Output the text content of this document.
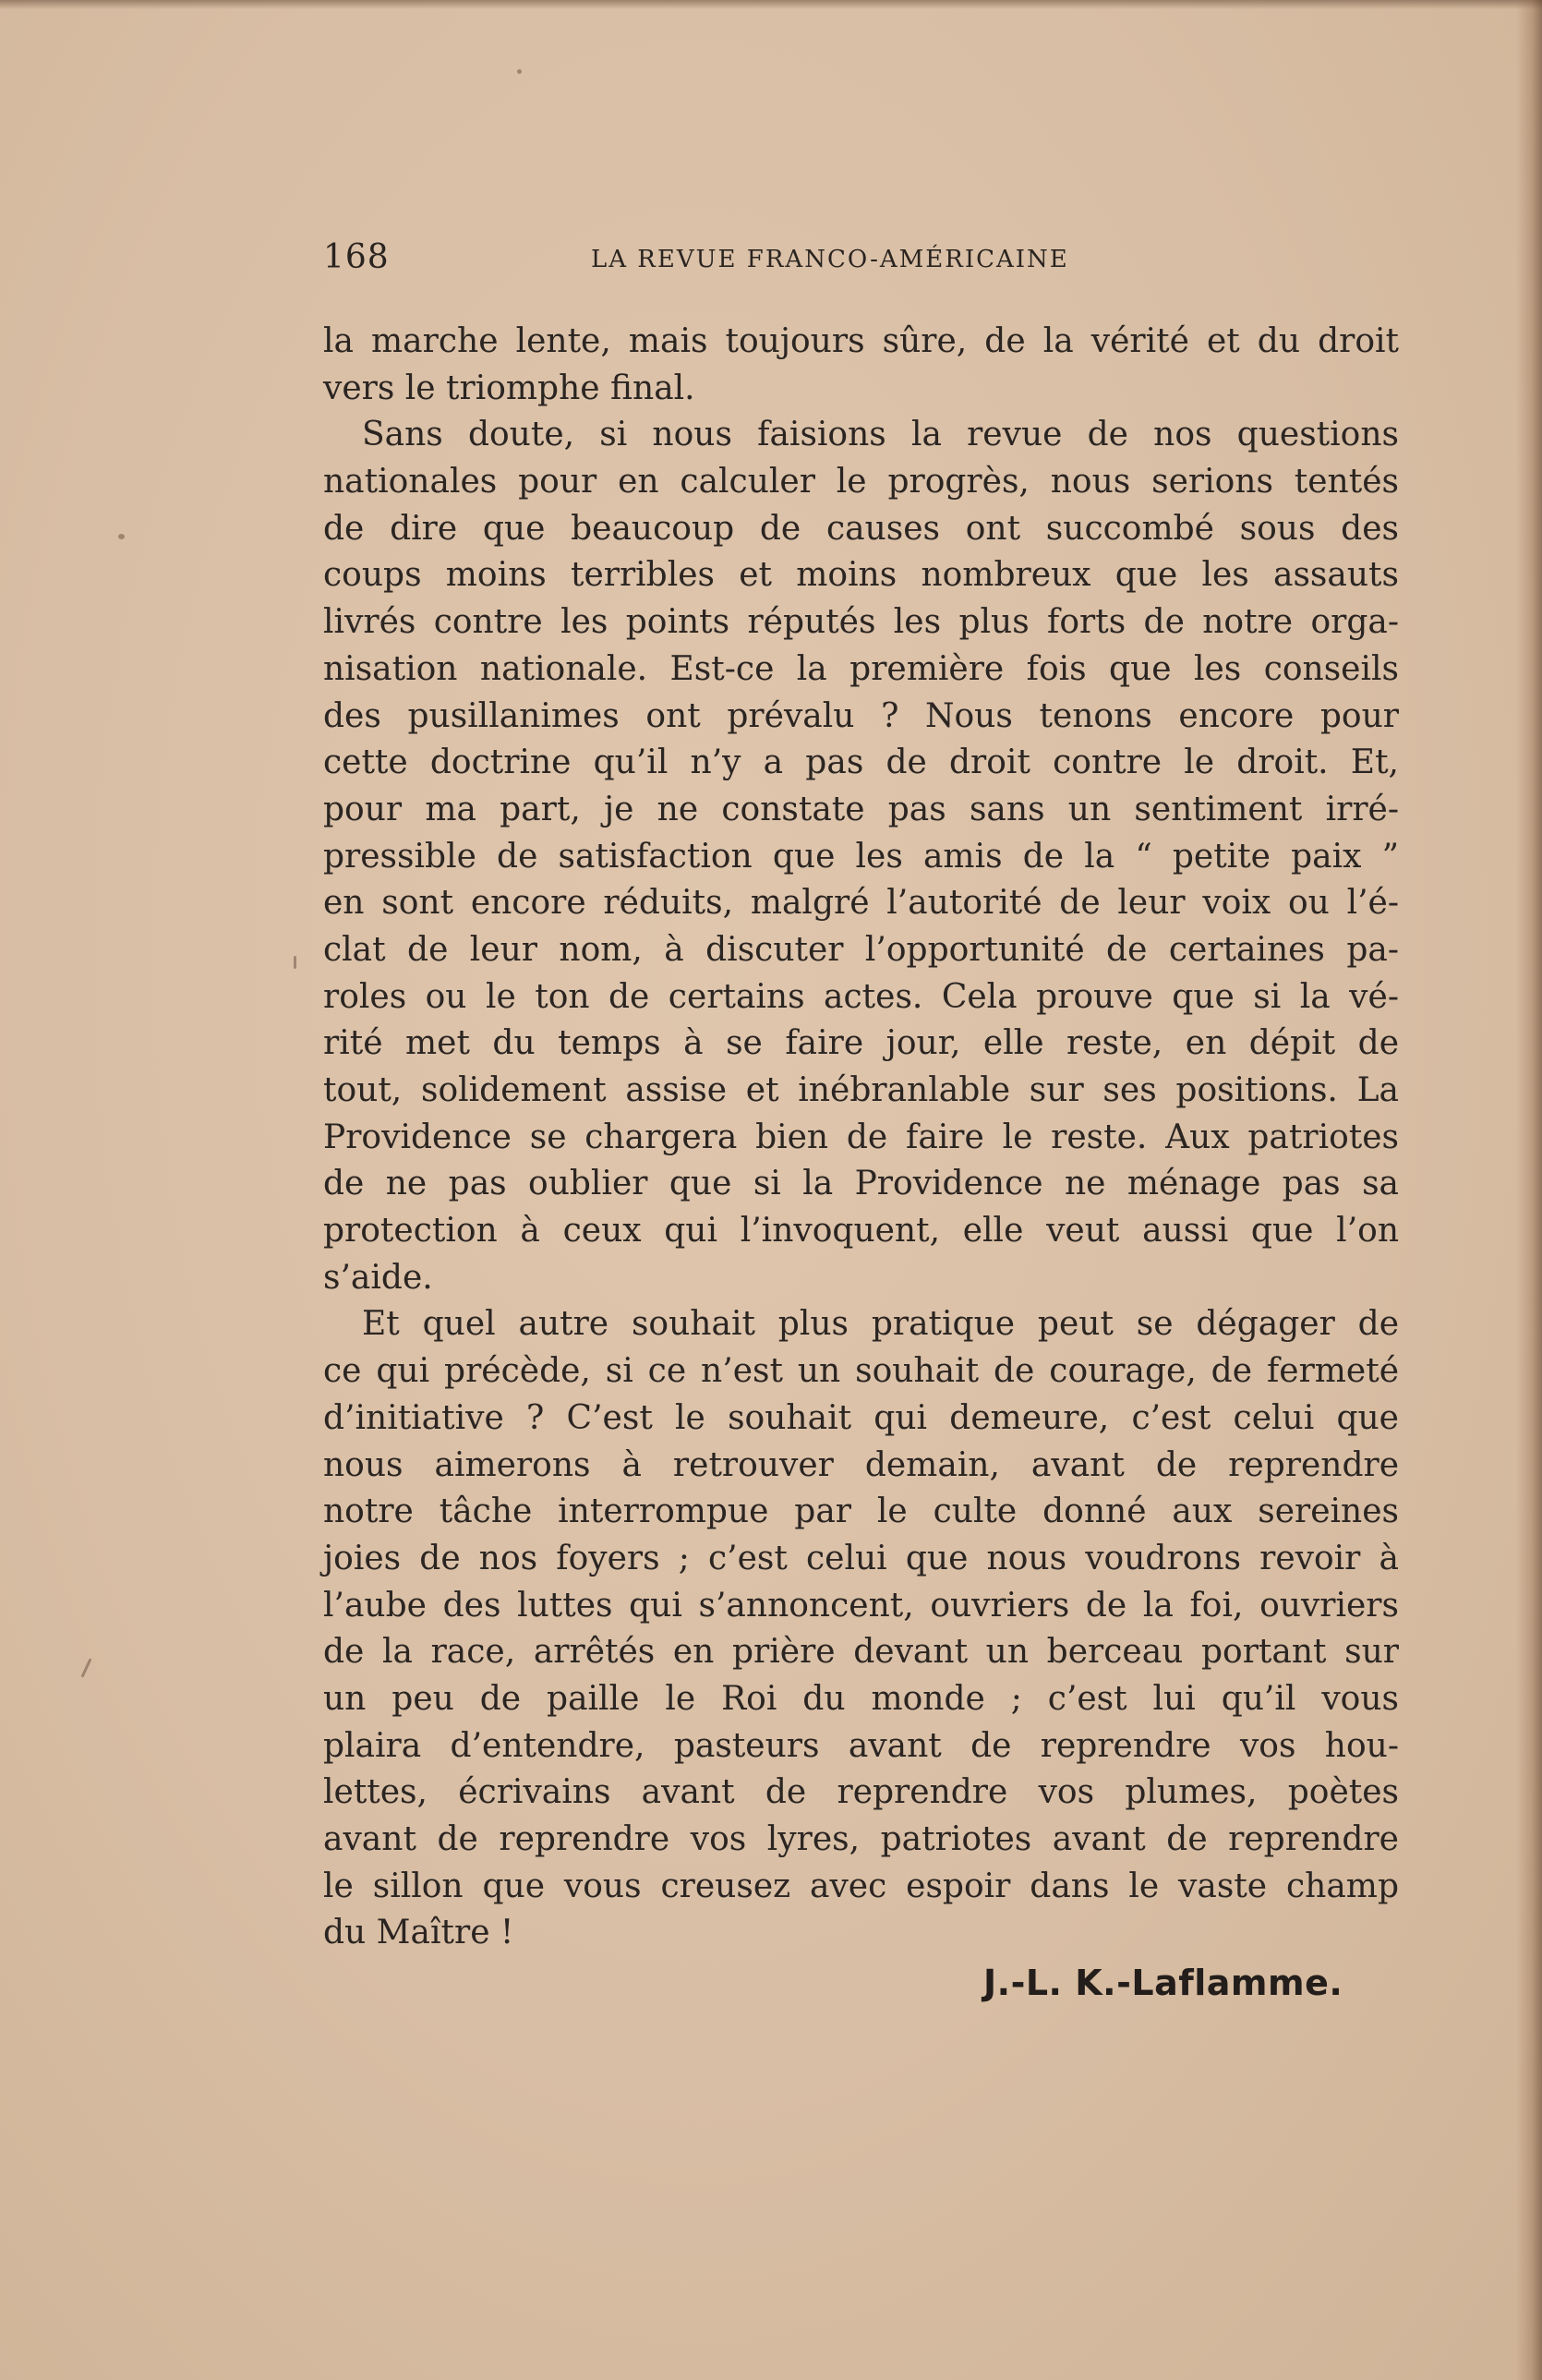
168	LA REVUE FRANCO-AMÉRICAINE
la marche lente, mais toujours sûre, de la vérité et du droit
vers le triomphe final.
Sans doute, si nous faisions la revue de nos questions
nationales pour en calculer le progrès, nous serions tentés
de dire que beaucoup de causes ont succombé sous des
coups moins terribles et moins nombreux que les assauts
livrés contre les points réputés les plus forts de notre orga-
nisation nationale. Est-ce la première fois que les conseils
des pusillanimes ont prévalu ? Nous tenons encore pour
cette doctrine qu’il n’y a pas de droit contre le droit. Et,
pour ma part, je ne constate pas sans un sentiment irré-
pressible de satisfaction que les amis de la “ petite paix ”
en sont encore réduits, malgré l’autorité de leur voix ou l’é-
clat de leur nom, à discuter l’opportunité de certaines pa-
roles ou le ton de certains actes. Cela prouve que si la vé-
rité met du temps à se faire jour, elle reste, en dépit de
tout, solidement assise et inébranlable sur ses positions. La
Providence se chargera bien de faire le reste. Aux patriotes
de ne pas oublier que si la Providence ne ménage pas sa
protection à ceux qui l’invoquent, elle veut aussi que l’on
s’aide.
Et quel autre souhait plus pratique peut se dégager de
ce qui précède, si ce n’est un souhait de courage, de fermeté
d’initiative ? C’est le souhait qui demeure, c’est celui que
nous aimerons à retrouver demain, avant de reprendre
notre tâche interrompue par le culte donné aux sereines
joies de nos foyers ; c’est celui que nous voudrons revoir à
l’aube des luttes qui s’annoncent, ouvriers de la foi, ouvriers
de la race, arrêtés en prière devant un berceau portant sur
un peu de paille le Roi du monde ; c’est lui qu’il vous
plaira d’entendre, pasteurs avant de reprendre vos hou-
lettes, écrivains avant de reprendre vos plumes, poètes
avant de reprendre vos lyres, patriotes avant de reprendre
le sillon que vous creusez avec espoir dans le vaste champ
du Maître !
J.-L. K.-Laflamme.
